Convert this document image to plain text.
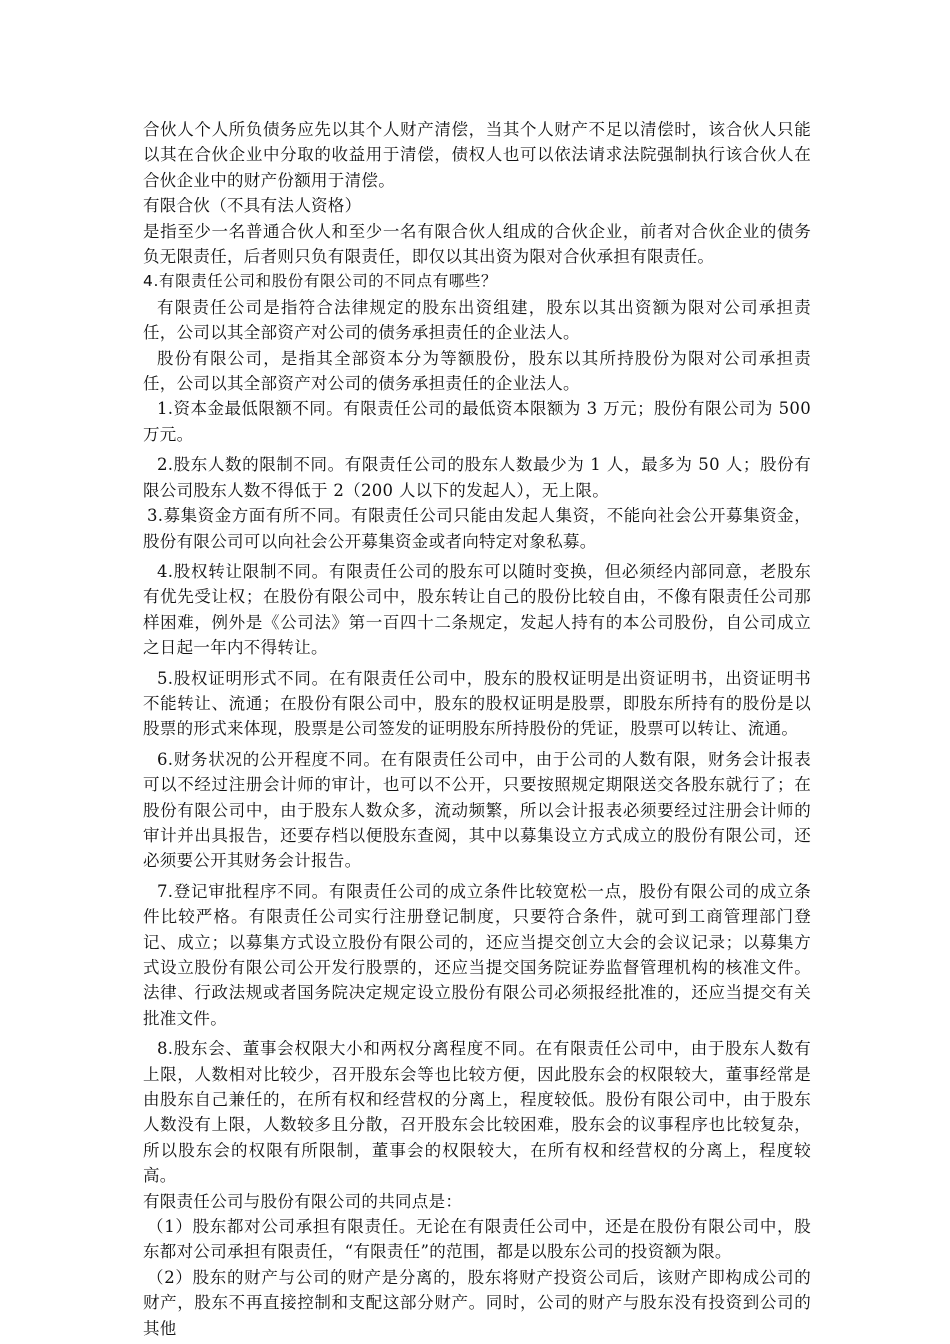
合伙人个人所负债务应先以其个人财产清偿，当其个人财产不足以清偿时，该合伙人只能以其在合伙企业中分取的收益用于清偿，债权人也可以依法请求法院强制执行该合伙人在合伙企业中的财产份额用于清偿。

有限合伙（不具有法人资格）

是指至少一名普通合伙人和至少一名有限合伙人组成的合伙企业，前者对合伙企业的债务负无限责任，后者则只负有限责任，即仅以其出资为限对合伙承担有限责任。

4.有限责任公司和股份有限公司的不同点有哪些？

有限责任公司是指符合法律规定的股东出资组建，股东以其出资额为限对公司承担责任，公司以其全部资产对公司的债务承担责任的企业法人。

股份有限公司，是指其全部资本分为等额股份，股东以其所持股份为限对公司承担责任，公司以其全部资产对公司的债务承担责任的企业法人。

1.资本金最低限额不同。有限责任公司的最低资本限额为 3 万元；股份有限公司为 500 万元。

2.股东人数的限制不同。有限责任公司的股东人数最少为 1 人，最多为 50 人；股份有限公司股东人数不得低于 2（200 人以下的发起人），无上限。

3.募集资金方面有所不同。有限责任公司只能由发起人集资，不能向社会公开募集资金，股份有限公司可以向社会公开募集资金或者向特定对象私募。

4.股权转让限制不同。有限责任公司的股东可以随时变换，但必须经内部同意，老股东有优先受让权；在股份有限公司中，股东转让自己的股份比较自由，不像有限责任公司那样困难，例外是《公司法》第一百四十二条规定，发起人持有的本公司股份，自公司成立之日起一年内不得转让。

5.股权证明形式不同。在有限责任公司中，股东的股权证明是出资证明书，出资证明书不能转让、流通；在股份有限公司中，股东的股权证明是股票，即股东所持有的股份是以股票的形式来体现，股票是公司签发的证明股东所持股份的凭证，股票可以转让、流通。

6.财务状况的公开程度不同。在有限责任公司中，由于公司的人数有限，财务会计报表可以不经过注册会计师的审计，也可以不公开，只要按照规定期限送交各股东就行了；在股份有限公司中，由于股东人数众多，流动频繁，所以会计报表必须要经过注册会计师的审计并出具报告，还要存档以便股东查阅，其中以募集设立方式成立的股份有限公司，还必须要公开其财务会计报告。

7.登记审批程序不同。有限责任公司的成立条件比较宽松一点，股份有限公司的成立条件比较严格。有限责任公司实行注册登记制度，只要符合条件，就可到工商管理部门登记、成立；以募集方式设立股份有限公司的，还应当提交创立大会的会议记录；以募集方式设立股份有限公司公开发行股票的，还应当提交国务院证券监督管理机构的核准文件。法律、行政法规或者国务院决定规定设立股份有限公司必须报经批准的，还应当提交有关批准文件。

8.股东会、董事会权限大小和两权分离程度不同。在有限责任公司中，由于股东人数有上限，人数相对比较少，召开股东会等也比较方便，因此股东会的权限较大，董事经常是由股东自己兼任的，在所有权和经营权的分离上，程度较低。股份有限公司中，由于股东人数没有上限，人数较多且分散，召开股东会比较困难，股东会的议事程序也比较复杂，所以股东会的权限有所限制，董事会的权限较大，在所有权和经营权的分离上，程度较高。

有限责任公司与股份有限公司的共同点是：

（1）股东都对公司承担有限责任。无论在有限责任公司中，还是在股份有限公司中，股东都对公司承担有限责任，“有限责任”的范围，都是以股东公司的投资额为限。

（2）股东的财产与公司的财产是分离的，股东将财产投资公司后，该财产即构成公司的财产，股东不再直接控制和支配这部分财产。同时，公司的财产与股东没有投资到公司的其他
